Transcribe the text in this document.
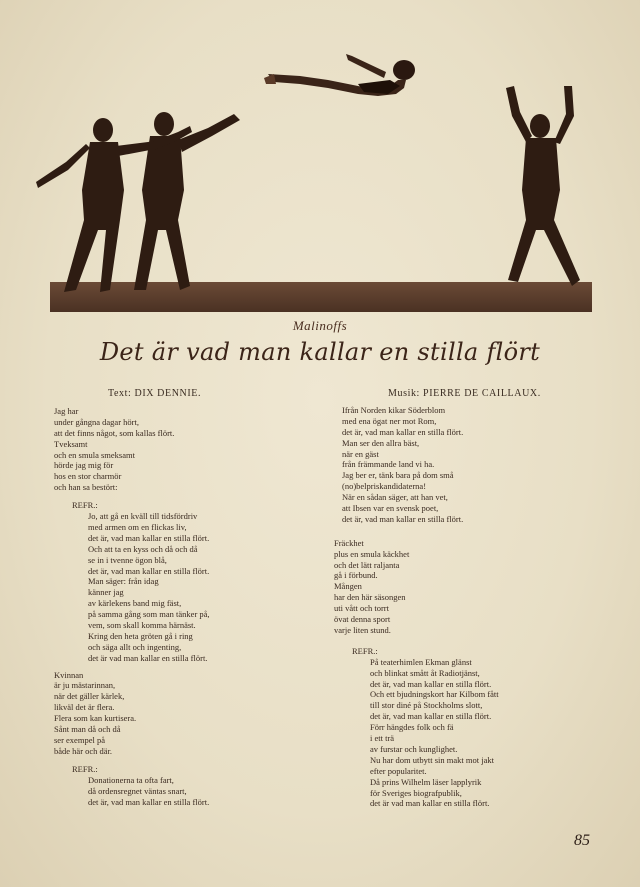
Malinoffs
Det är vad man kallar en stilla flört
Text: DIX DENNIE.	Musik: PIERRE DE CAILLAUX.
Jag har
under gångna dagar hört,
att det finns något, som kallas flört.
Tveksamt
och en smula smeksamt
hörde jag mig för
hos en stor charmör
och han sa bestört:
REFR.:
Jo, att gå en kväll till tidsfördriv
med armen om en flickas liv,
det är, vad man kallar en stilla flört.
Och att ta en kyss och då och då
se in i tvenne ögon blå,
det är, vad man kallar en stilla flört.
Man säger: från idag
känner jag
av kärlekens band mig fäst,
på samma gång som man tänker på,
vem, som skall komma härnäst.
Kring den heta gröten gå i ring
och säga allt och ingenting,
det är vad man kallar en stilla flört.
Kvinnan
är ju mästarinnan,
när det gäller kärlek,
likväl det är flera.
Flera som kan kurtisera.
Sånt man då och då
ser exempel på
både här och där.
REFR.:
Donationerna ta ofta fart,
då ordensregnet väntas snart,
det är, vad man kallar en stilla flört.
Ifrån Norden kikar Söderblom
med ena ögat ner mot Rom,
det är, vad man kallar en stilla flört.
Man ser den allra bäst,
när en gäst
från främmande land vi ha.
Jag ber er, tänk bara på dom små
(no)belpriskandidaterna!
När en sådan säger, att han vet,
att Ibsen var en svensk poet,
det är, vad man kallar en stilla flört.
Fräckhet
plus en smula käckhet
och det lätt raljanta
gå i förbund.
Mången
har den här säsongen
uti vått och torrt
övat denna sport
varje liten stund.
REFR.:
På teaterhimlen Ekman glänst
och blinkat smått åt Radiotjänst,
det är, vad man kallar en stilla flört.
Och ett bjudningskort har Kilbom fått
till stor diné på Stockholms slott,
det är, vad man kallar en stilla flört.
Förr hängdes folk och fä
i ett trä
av furstar och kunglighet.
Nu har dom utbytt sin makt mot jakt
efter popularitet.
Då prins Wilhelm läser lapplyrik
för Sveriges biografpublik,
det är vad man kallar en stilla flört.
85
